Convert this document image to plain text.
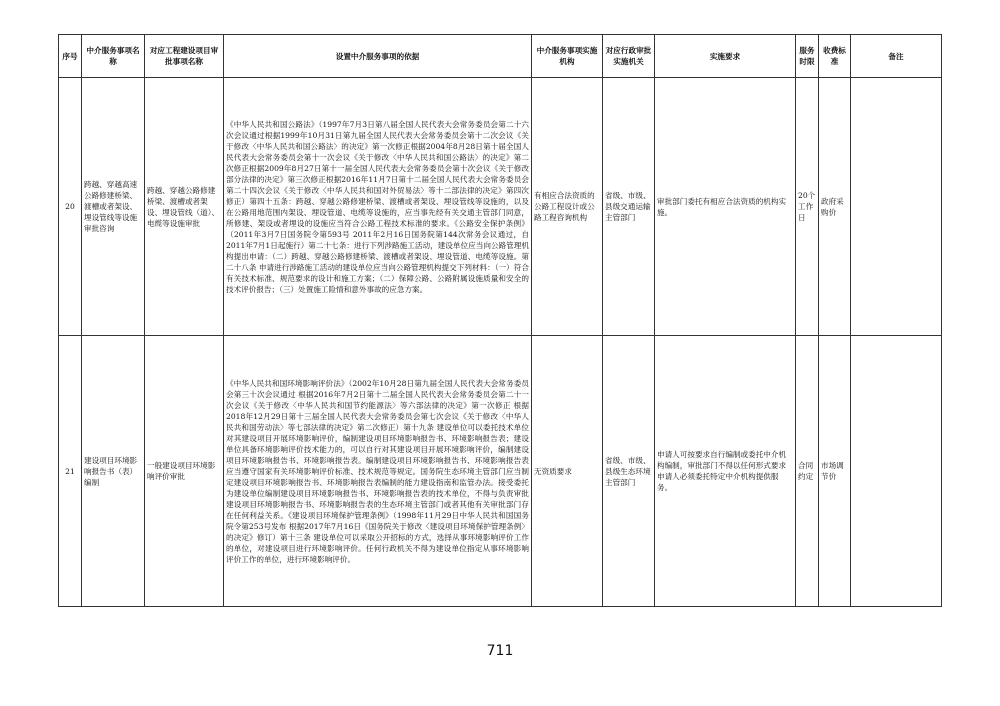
序号	中介服务事项名称	对应工程建设项目审批事项名称	设置中介服务事项的依据	中介服务事项实施机构	对应行政审批实施机关	实施要求	服务时限	收费标准	备注
20	跨越、穿越高速公路修建桥梁、渡槽或者架设、埋设管线等设施审批咨询	跨越、穿越公路修建桥梁、渡槽或者架设、埋设管线（道）、电缆等设施审批	《中华人民共和国公路法》（1997年7月3日第八届全国人民代表大会常务委员会第二十六次会议通过根据1999年10月31日第九届全国人民代表大会常务委员会第十二次会议《关于修改〈中华人民共和国公路法〉的决定》第一次修正根据2004年8月28日第十届全国人民代表大会常务委员会第十一次会议《关于修改〈中华人民共和国公路法〉的决定》第二次修正根据2009年8月27日第十一届全国人民代表大会常务委员会第十次会议《关于修改部分法律的决定》第三次修正根据2016年11月7日第十二届全国人民代表大会常务委员会第二十四次会议《关于修改〈中华人民共和国对外贸易法〉等十二部法律的决定》第四次修正）第四十五条：跨越、穿越公路修建桥梁、渡槽或者架设、埋设管线等设施的，以及在公路用地范围内架设、埋设管道、电缆等设施的，应当事先经有关交通主管部门同意，所修建、架设或者埋设的设施应当符合公路工程技术标准的要求。《公路安全保护条例》（2011年3月7日国务院令第593号 2011年2月16日国务院第144次常务会议通过，自2011年7月1日起施行）第二十七条：进行下列涉路施工活动，建设单位应当向公路管理机构提出申请：（二）跨越、穿越公路修建桥梁、渡槽或者架设、埋设管道、电缆等设施。第二十八条 申请进行涉路施工活动的建设单位应当向公路管理机构提交下列材料：（一）符合有关技术标准、规范要求的设计和施工方案；（二）保障公路、公路附属设施质量和安全的技术评价报告；（三）处置施工险情和意外事故的应急方案。	有相应合法资质的公路工程设计或公路工程咨询机构	省级、市级、县级交通运输主管部门	审批部门委托有相应合法资质的机构实施。	20个工作日	政府采购价	
21	建设项目环境影响报告书（表）编制	一般建设项目环境影响评价审批	《中华人民共和国环境影响评价法》（2002年10月28日第九届全国人民代表大会常务委员会第三十次会议通过 根据2016年7月2日第十二届全国人民代表大会常务委员会第二十一次会议《关于修改〈中华人民共和国节约能源法〉等六部法律的决定》第一次修正 根据2018年12月29日第十三届全国人民代表大会常务委员会第七次会议《关于修改〈中华人民共和国劳动法〉等七部法律的决定》第二次修正）第十九条 建设单位可以委托技术单位对其建设项目开展环境影响评价，编制建设项目环境影响报告书、环境影响报告表；建设单位具备环境影响评价技术能力的，可以自行对其建设项目开展环境影响评价，编制建设项目环境影响报告书、环境影响报告表。编制建设项目环境影响报告书、环境影响报告表应当遵守国家有关环境影响评价标准、技术规范等规定。国务院生态环境主管部门应当制定建设项目环境影响报告书、环境影响报告表编制的能力建设指南和监管办法。接受委托为建设单位编制建设项目环境影响报告书、环境影响报告表的技术单位，不得与负责审批建设项目环境影响报告书、环境影响报告表的生态环境主管部门或者其他有关审批部门存在任何利益关系。《建设项目环境保护管理条例》（1998年11月29日中华人民共和国国务院令第253号发布 根据2017年7月16日《国务院关于修改〈建设项目环境保护管理条例〉的决定》修订）第十三条 建设单位可以采取公开招标的方式，选择从事环境影响评价工作的单位，对建设项目进行环境影响评价。任何行政机关不得为建设单位指定从事环境影响评价工作的单位，进行环境影响评价。	无资质要求	省级、市级、县级生态环境主管部门	申请人可按要求自行编制或委托中介机构编制，审批部门不得以任何形式要求申请人必须委托特定中介机构提供服务。	合同约定	市场调节价	
711
